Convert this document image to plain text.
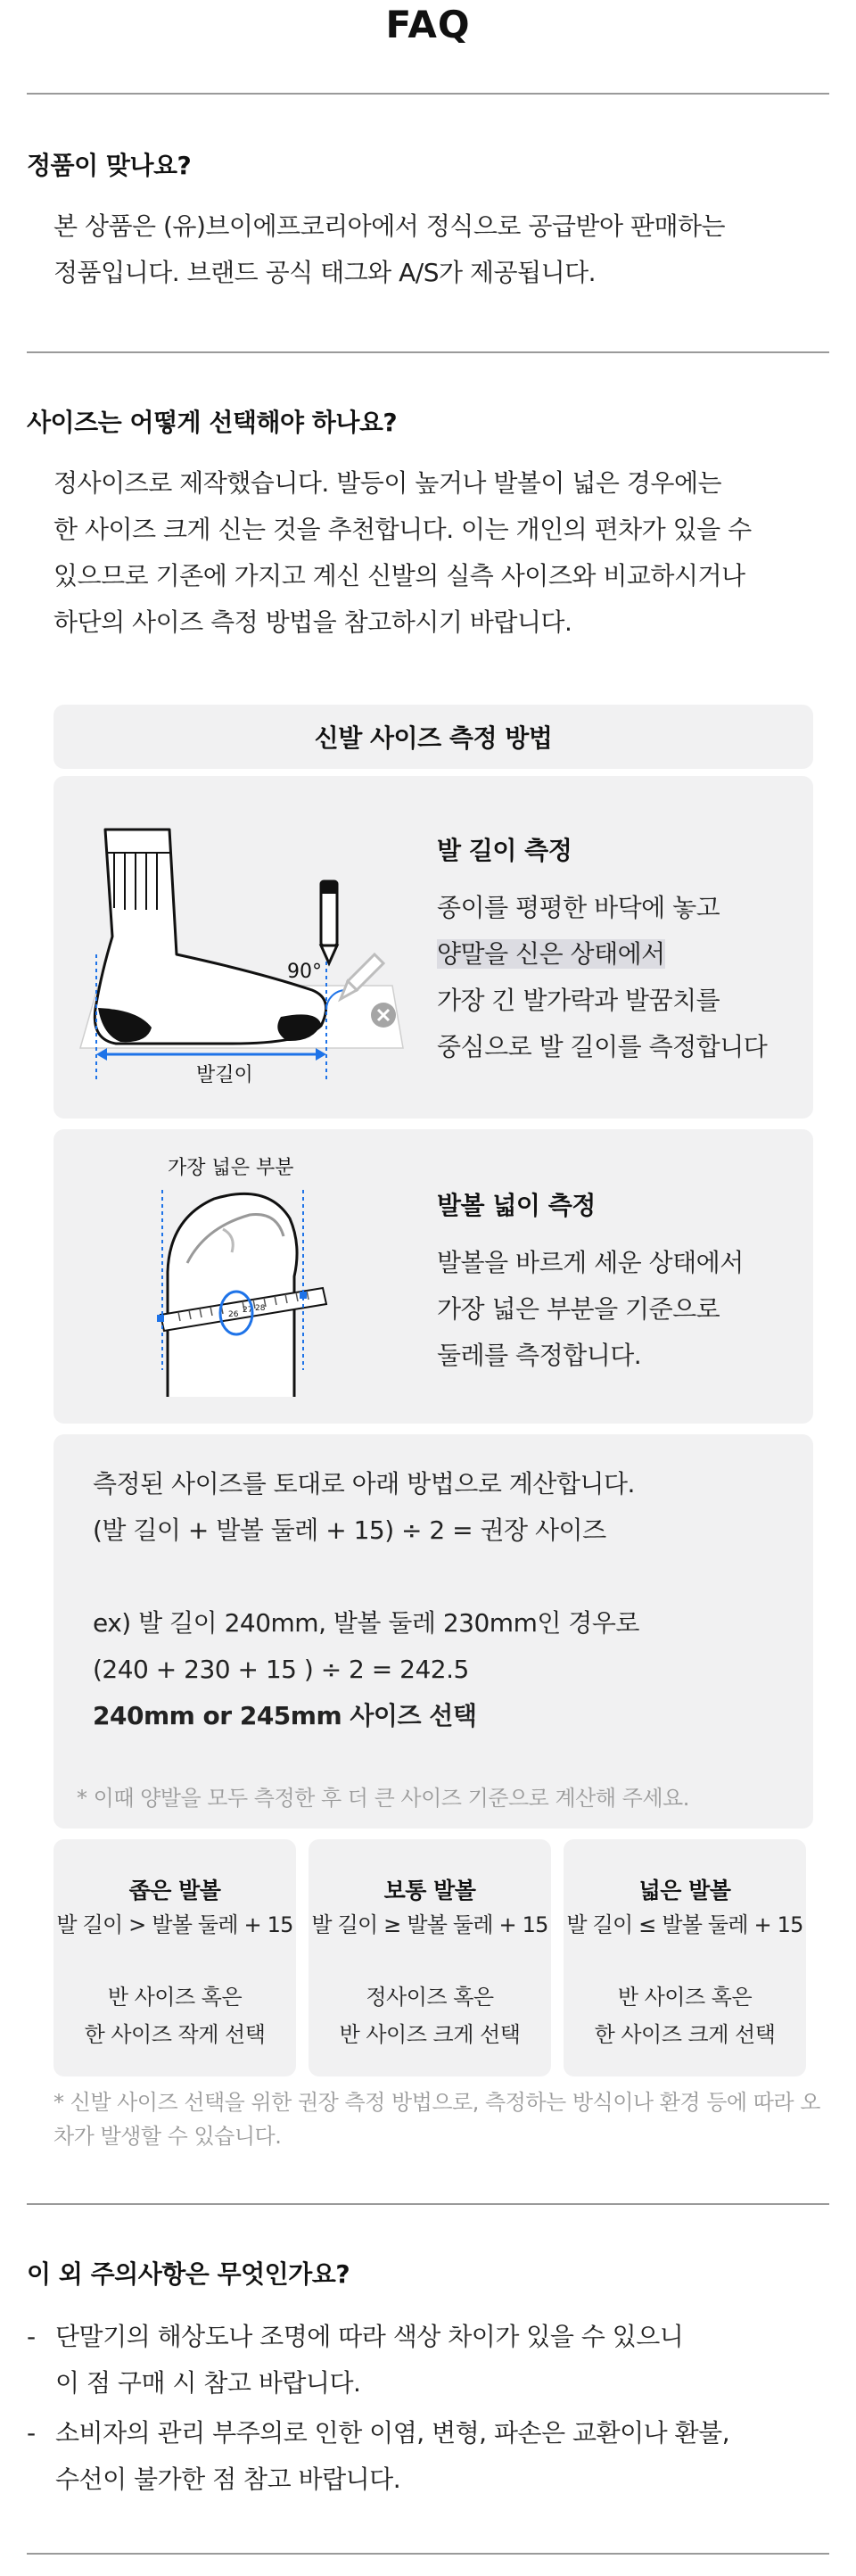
FAQ
정품이 맞나요?

본 상품은 (유)브이에프코리아에서 정식으로 공급받아 판매하는

정품입니다. 브랜드 공식 태그와 A/S가 제공됩니다.

사이즈는 어떻게 선택해야 하나요?

정사이즈로 제작했습니다. 발등이 높거나 발볼이 넓은 경우에는

한 사이즈 크게 신는 것을 추천합니다. 이는 개인의 편차가 있을 수

있으므로 기존에 가지고 계신 신발의 실측 사이즈와 비교하시거나

하단의 사이즈 측정 방법을 참고하시기 바랍니다.

신발 사이즈 측정 방법
90°
발길이
발 길이 측정
종이를 평평한 바닥에 놓고
양말을 신은 상태에서
가장 긴 발가락과 발꿈치를
중심으로 발 길이를 측정합니다
가장 넓은 부분
26 27 28
발볼 넓이 측정
발볼을 바르게 세운 상태에서
가장 넓은 부분을 기준으로
둘레를 측정합니다.
측정된 사이즈를 토대로 아래 방법으로 계산합니다.
(발 길이 + 발볼 둘레 + 15) ÷ 2 = 권장 사이즈
ex) 발 길이 240mm, 발볼 둘레 230mm인 경우로
(240 + 230 + 15 ) ÷ 2 = 242.5
240mm or 245mm 사이즈 선택
* 이때 양발을 모두 측정한 후 더 큰 사이즈 기준으로 계산해 주세요.
좁은 발볼
발 길이 > 발볼 둘레 + 15
반 사이즈 혹은
한 사이즈 작게 선택
보통 발볼
발 길이 ≥ 발볼 둘레 + 15
정사이즈 혹은
반 사이즈 크게 선택
넓은 발볼
발 길이 ≤ 발볼 둘레 + 15
반 사이즈 혹은
한 사이즈 크게 선택
* 신발 사이즈 선택을 위한 권장 측정 방법으로, 측정하는 방식이나 환경 등에 따라 오차가 발생할 수 있습니다.
이 외 주의사항은 무엇인가요?
- 단말기의 해상도나 조명에 따라 색상 차이가 있을 수 있으니
이 점 구매 시 참고 바랍니다.
- 소비자의 관리 부주의로 인한 이염, 변형, 파손은 교환이나 환불,
수선이 불가한 점 참고 바랍니다.
